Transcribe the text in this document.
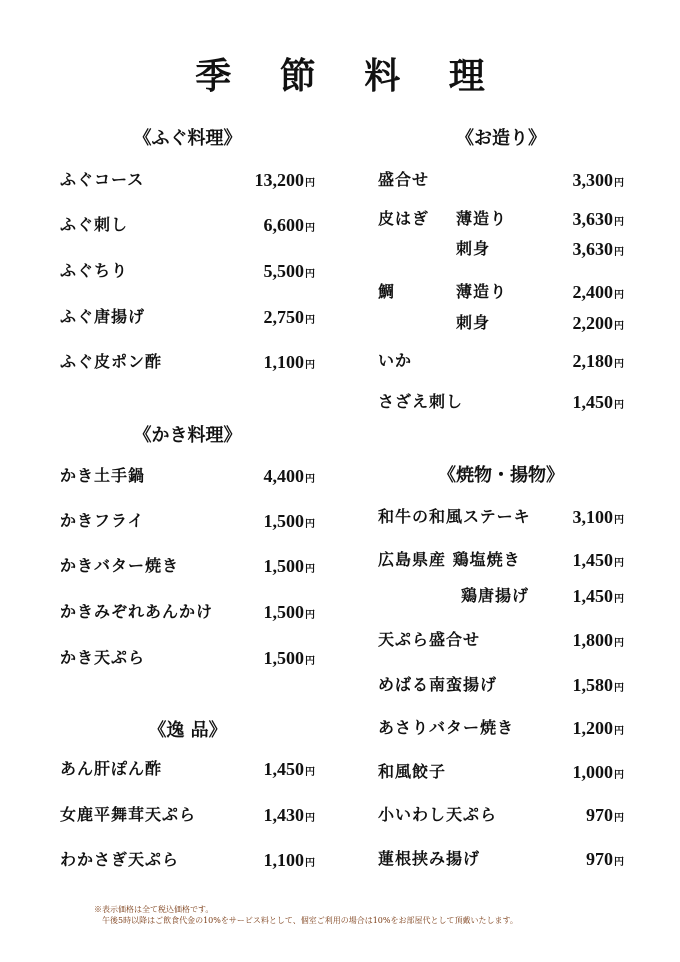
季 節 料 理
《ふぐ料理》
ふぐコース	13,200円
ふぐ刺し	6,600円
ふぐちり	5,500円
ふぐ唐揚げ	2,750円
ふぐ皮ポン酢	1,100円
《かき料理》
かき土手鍋	4,400円
かきフライ	1,500円
かきバター焼き	1,500円
かきみぞれあんかけ	1,500円
かき天ぷら	1,500円
《逸 品》
あん肝ぽん酢	1,450円
女鹿平舞茸天ぷら	1,430円
わかさぎ天ぷら	1,100円
《お造り》
盛合せ	3,300円
皮はぎ 薄造り	3,630円
刺身	3,630円
鯛	薄造り	2,400円
刺身	2,200円
いか	2,180円
さざえ刺し	1,450円
《焼物・揚物》
和牛の和風ステーキ 3,100円
広島県産 鶏塩焼き	1,450円
鶏唐揚げ 1,450円
天ぷら盛合せ	1,800円
めばる南蛮揚げ	1,580円
あさりバター焼き	1,200円
和風餃子	1,000円
小いわし天ぷら	970円
蓮根挟み揚げ	970円
※表示価格は全て税込価格です。
午後5時以降はご飲食代金の10%をサービス料として、個室ご利用の場合は10%をお部屋代として頂戴いたします。
